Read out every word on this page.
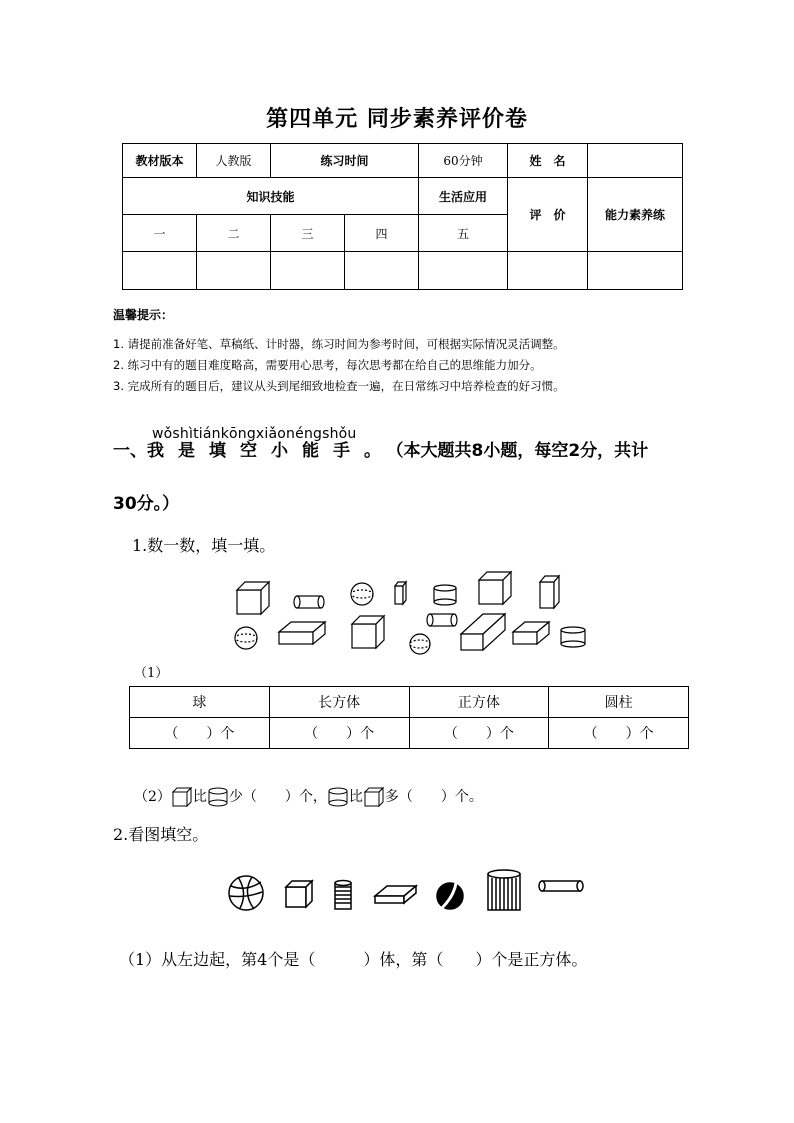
第四单元 同步素养评价卷
教材版本	人教版	练习时间		60分钟	姓　名	
知识技能				生活应用	评　价	能力素养练
一	二	三	四	五		

温馨提示：
1. 请提前准备好笔、草稿纸、计时器，练习时间为参考时间，可根据实际情况灵活调整。
2. 练习中有的题目难度略高，需要用心思考，每次思考都在给自己的思维能力加分。
3. 完成所有的题目后，建议从头到尾细致地检查一遍，在日常练习中培养检查的好习惯。
wǒshìtiánkōngxiǎonéngshǒu
一、我是填空小能手。（本大题共8小题，每空2分，共计
30分。）
1.数一数，填一填。
（1）
球	长方体	正方体	圆柱
（　　）个	（　　）个	（　　）个	（　　）个
（2） 比 少（　　）个， 比 多（　　）个。
2.看图填空。
（1）从左边起，第4个是（　　　）体，第（　　）个是正方体。
